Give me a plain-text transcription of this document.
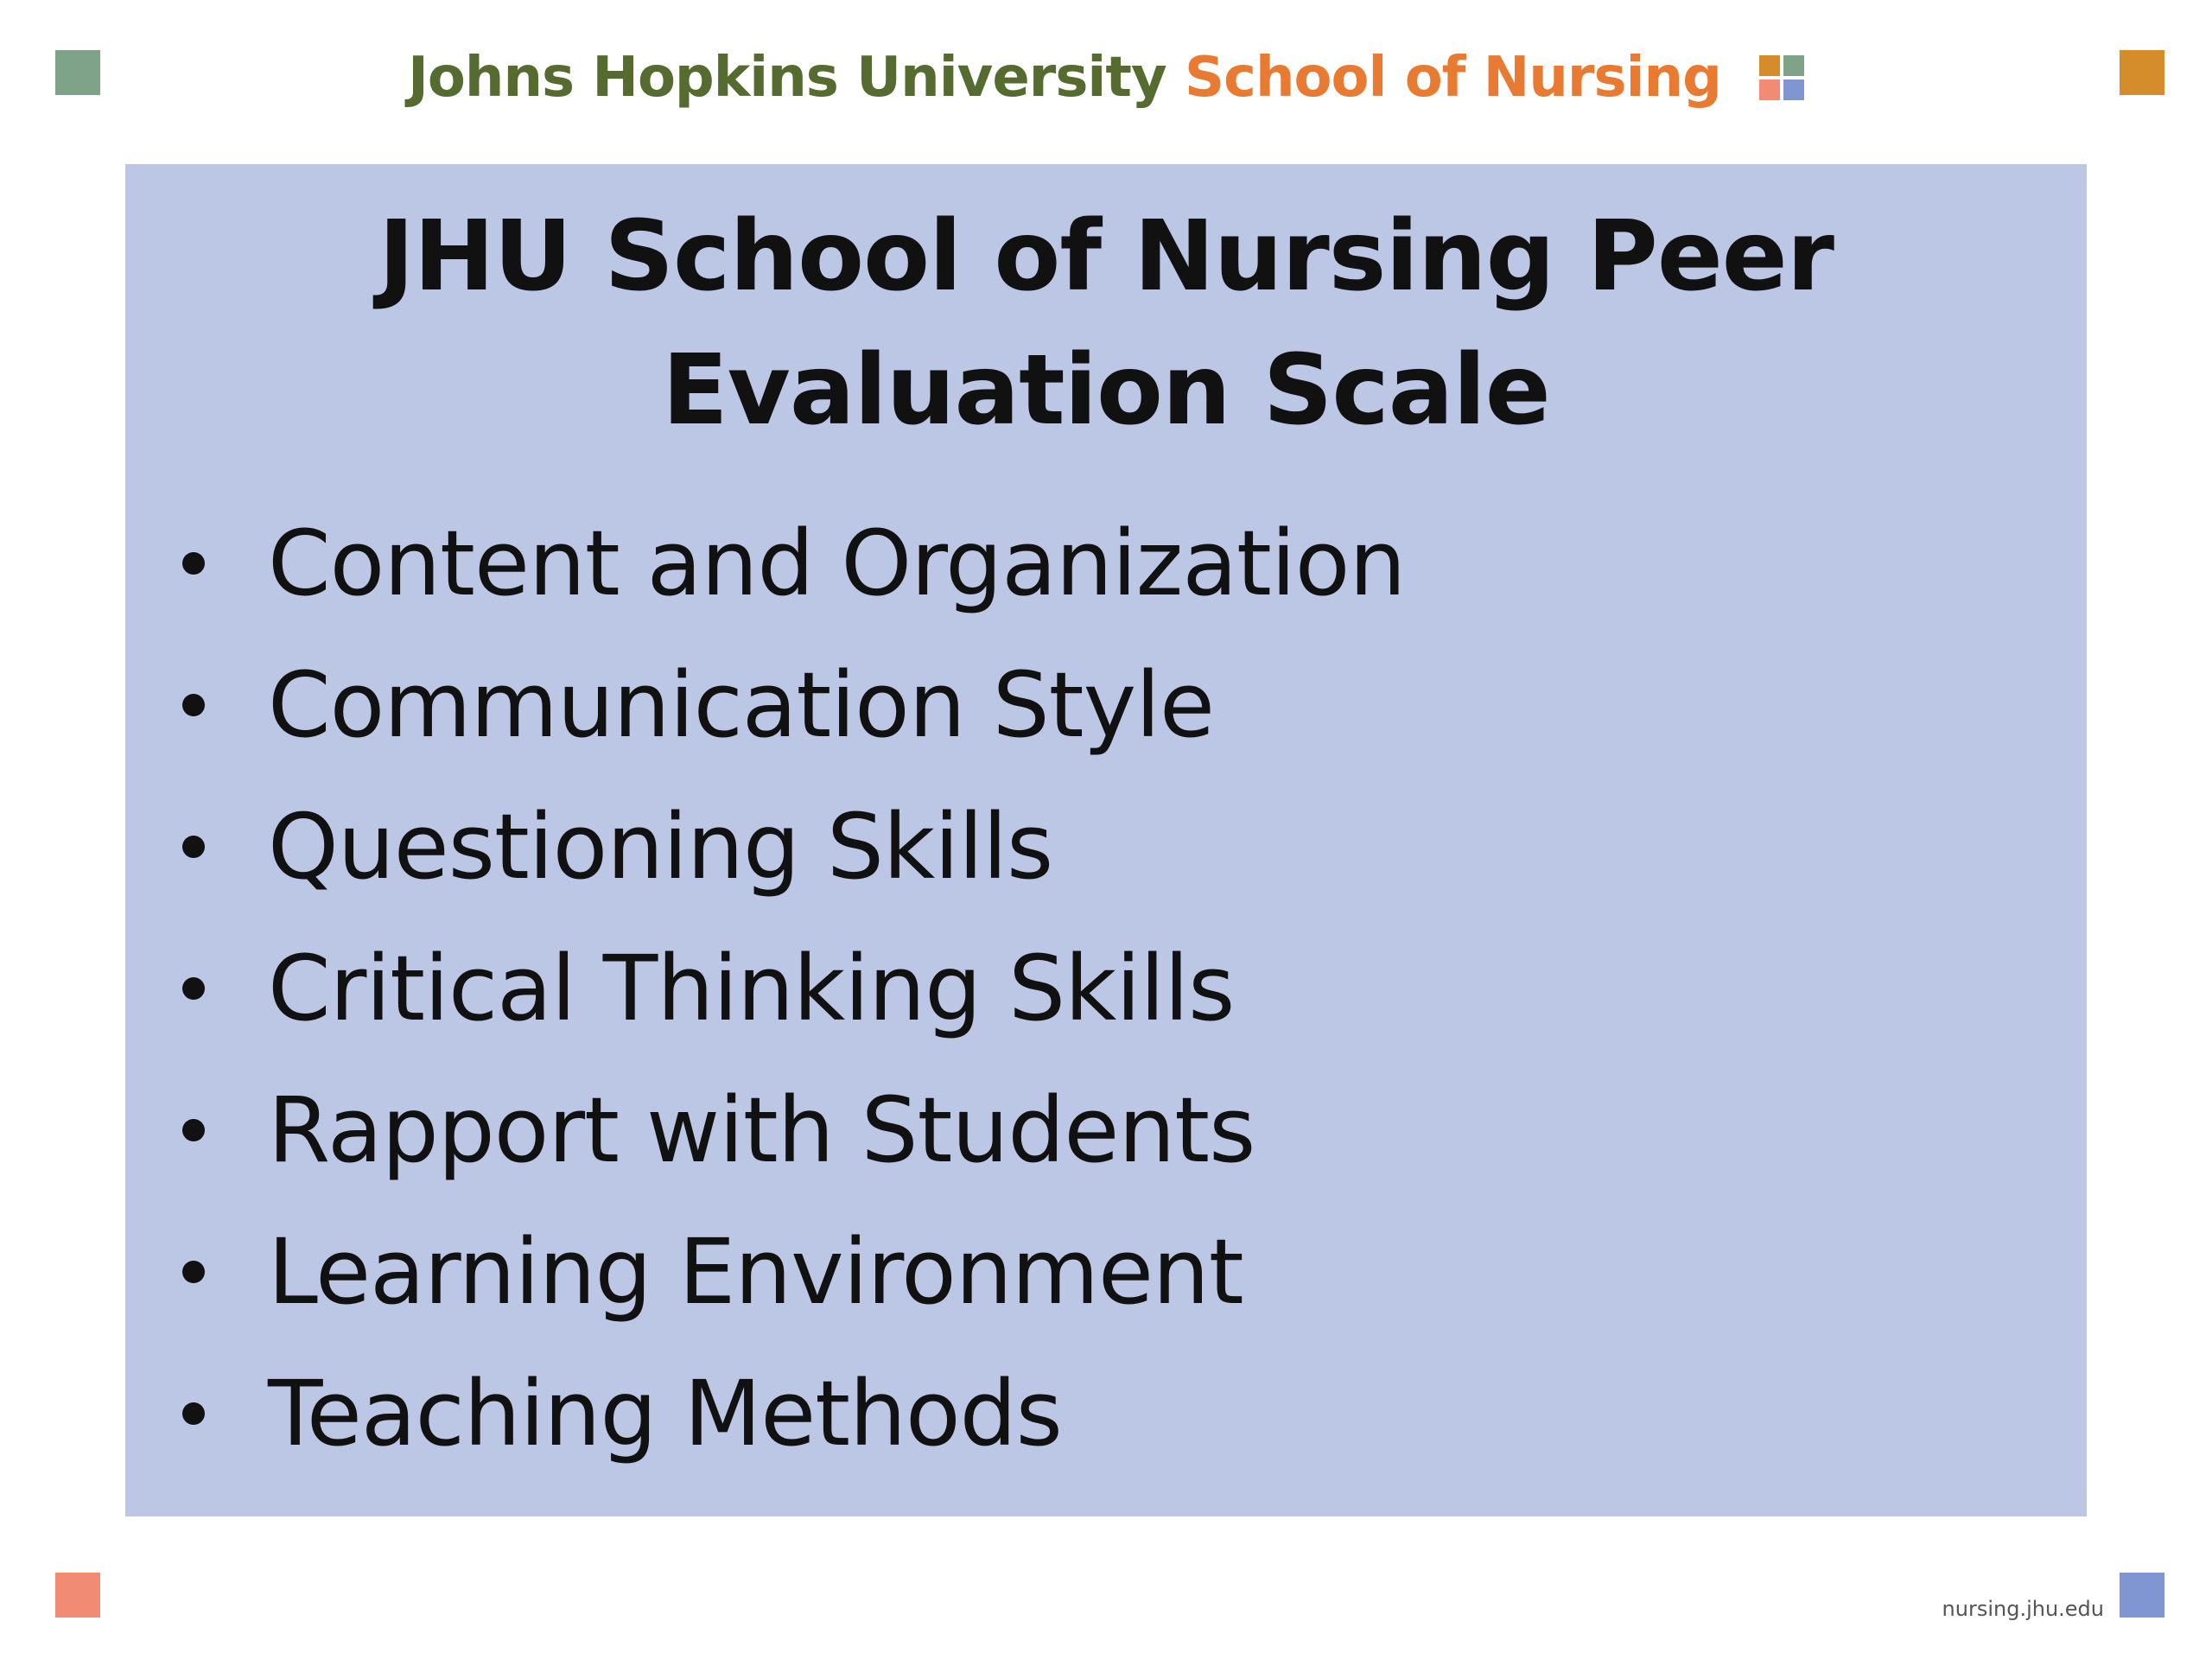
Johns Hopkins University School of Nursing
JHU School of Nursing Peer Evaluation Scale
Content and Organization
Communication Style
Questioning Skills
Critical Thinking Skills
Rapport with Students
Learning Environment
Teaching Methods
nursing.jhu.edu
